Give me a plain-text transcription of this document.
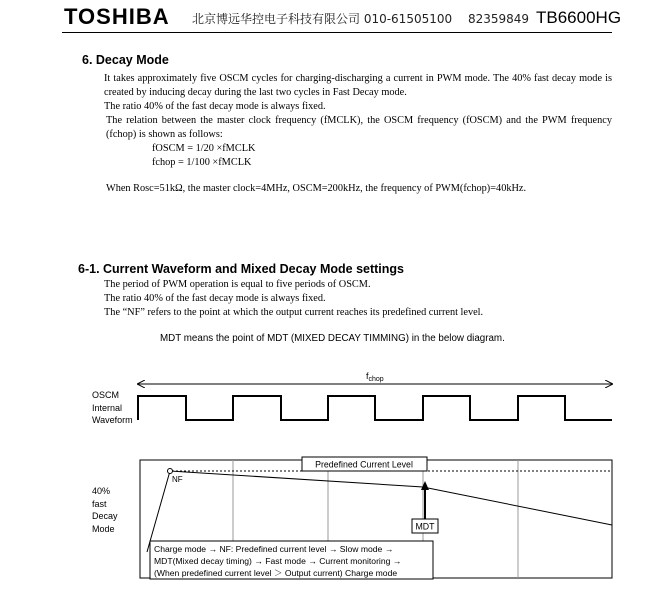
TOSHIBA 北京博远华控电子科技有限公司 010-61505100　 82359849 TB6600HG
6. Decay Mode
It takes approximately five OSCM cycles for charging-discharging a current in PWM mode. The 40% fast decay mode is created by inducing decay during the last two cycles in Fast Decay mode.
The ratio 40% of the fast decay mode is always fixed.
The relation between the master clock frequency (fMCLK), the OSCM frequency (fOSCM) and the PWM frequency (fchop) is shown as follows:
fOSCM = 1/20 ×fMCLK
fchop = 1/100 ×fMCLK
When Rosc=51kΩ, the master clock=4MHz, OSCM=200kHz, the frequency of PWM(fchop)=40kHz.
6-1. Current Waveform and Mixed Decay Mode settings
The period of PWM operation is equal to five periods of OSCM.
The ratio 40% of the fast decay mode is always fixed.
The “NF” refers to the point at which the output current reaches its predefined current level.
MDT means the point of MDT (MIXED DECAY TIMMING) in the below diagram.
$f_{chop}$
NF
Predefined Current Level
MDT
Charge mode → NF: Predefined current level → Slow mode →
MDT(Mixed decay timing) → Fast mode → Current monitoring →
(When predefined current level ＞ Output current) Charge mode
OSCM
Internal
Waveform
40%
fast
Decay
Mode
